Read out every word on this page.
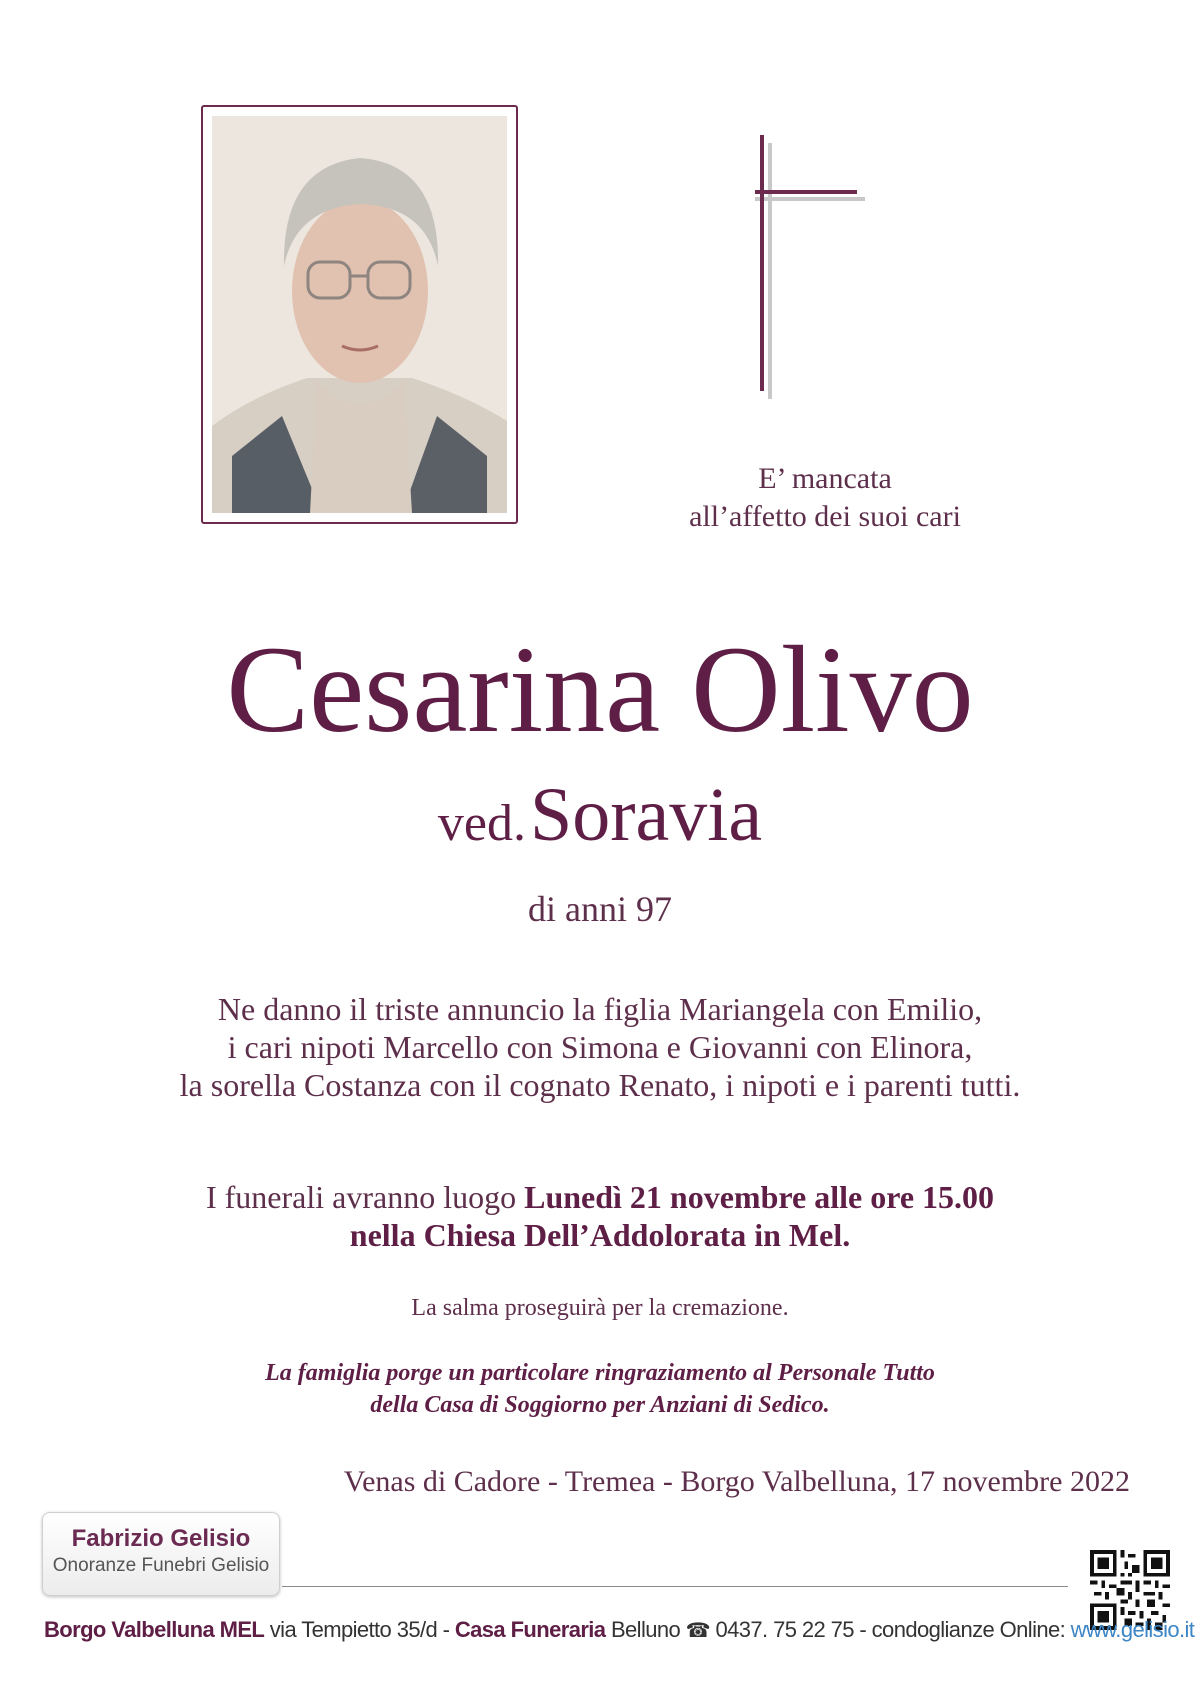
E’ mancata
all’affetto dei suoi cari
Cesarina Olivo
ved. Soravia
di anni 97
Ne danno il triste annuncio la figlia Mariangela con Emilio,
i cari nipoti Marcello con Simona e Giovanni con Elinora,
la sorella Costanza con il cognato Renato, i nipoti e i parenti tutti.
I funerali avranno luogo Lunedì 21 novembre alle ore 15.00
nella Chiesa Dell’Addolorata in Mel.
La salma proseguirà per la cremazione.
La famiglia porge un particolare ringraziamento al Personale Tutto
della Casa di Soggiorno per Anziani di Sedico.
Venas di Cadore - Tremea - Borgo Valbelluna, 17 novembre 2022
Fabrizio Gelisio
Onoranze Funebri Gelisio
Borgo Valbelluna MEL via Tempietto 35/d - Casa Funeraria Belluno ☎ 0437. 75 22 75 - condoglianze Online: www.gelisio.it
